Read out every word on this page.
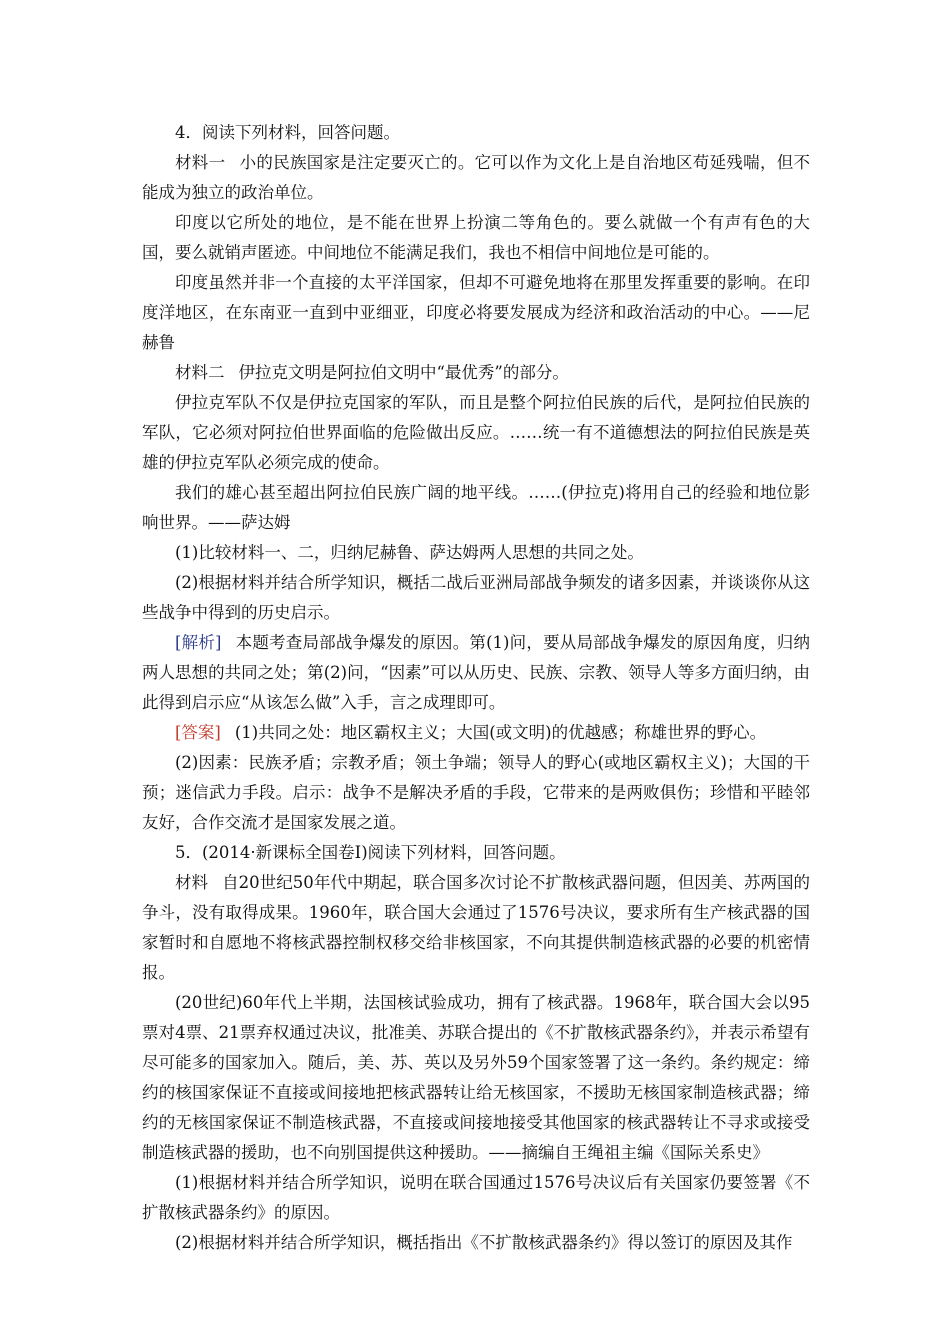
4．阅读下列材料，回答问题。

材料一 小的民族国家是注定要灭亡的。它可以作为文化上是自治地区苟延残喘，但不能成为独立的政治单位。

印度以它所处的地位，是不能在世界上扮演二等角色的。要么就做一个有声有色的大国，要么就销声匿迹。中间地位不能满足我们，我也不相信中间地位是可能的。

印度虽然并非一个直接的太平洋国家，但却不可避免地将在那里发挥重要的影响。在印度洋地区，在东南亚一直到中亚细亚，印度必将要发展成为经济和政治活动的中心。——尼赫鲁

材料二 伊拉克文明是阿拉伯文明中“最优秀”的部分。

伊拉克军队不仅是伊拉克国家的军队，而且是整个阿拉伯民族的后代，是阿拉伯民族的军队，它必须对阿拉伯世界面临的危险做出反应。……统一有不道德想法的阿拉伯民族是英雄的伊拉克军队必须完成的使命。

我们的雄心甚至超出阿拉伯民族广阔的地平线。……(伊拉克)将用自己的经验和地位影响世界。——萨达姆

(1)比较材料一、二，归纳尼赫鲁、萨达姆两人思想的共同之处。

(2)根据材料并结合所学知识，概括二战后亚洲局部战争频发的诸多因素，并谈谈你从这些战争中得到的历史启示。

[解析] 本题考查局部战争爆发的原因。第(1)问，要从局部战争爆发的原因角度，归纳两人思想的共同之处；第(2)问，“因素”可以从历史、民族、宗教、领导人等多方面归纳，由此得到启示应“从该怎么做”入手，言之成理即可。

[答案] (1)共同之处：地区霸权主义；大国(或文明)的优越感；称雄世界的野心。

(2)因素：民族矛盾；宗教矛盾；领土争端；领导人的野心(或地区霸权主义)；大国的干预；迷信武力手段。启示：战争不是解决矛盾的手段，它带来的是两败俱伤；珍惜和平睦邻友好，合作交流才是国家发展之道。

5．(2014·新课标全国卷Ⅰ)阅读下列材料，回答问题。

材料 自20世纪50年代中期起，联合国多次讨论不扩散核武器问题，但因美、苏两国的争斗，没有取得成果。1960年，联合国大会通过了1576号决议，要求所有生产核武器的国家暂时和自愿地不将核武器控制权移交给非核国家，不向其提供制造核武器的必要的机密情报。

(20世纪)60年代上半期，法国核试验成功，拥有了核武器。1968年，联合国大会以95票对4票、21票弃权通过决议，批准美、苏联合提出的《不扩散核武器条约》，并表示希望有尽可能多的国家加入。随后，美、苏、英以及另外59个国家签署了这一条约。条约规定：缔约的核国家保证不直接或间接地把核武器转让给无核国家，不援助无核国家制造核武器；缔约的无核国家保证不制造核武器，不直接或间接地接受其他国家的核武器转让不寻求或接受制造核武器的援助，也不向别国提供这种援助。——摘编自王绳祖主编《国际关系史》

(1)根据材料并结合所学知识，说明在联合国通过1576号决议后有关国家仍要签署《不扩散核武器条约》的原因。

(2)根据材料并结合所学知识，概括指出《不扩散核武器条约》得以签订的原因及其作
